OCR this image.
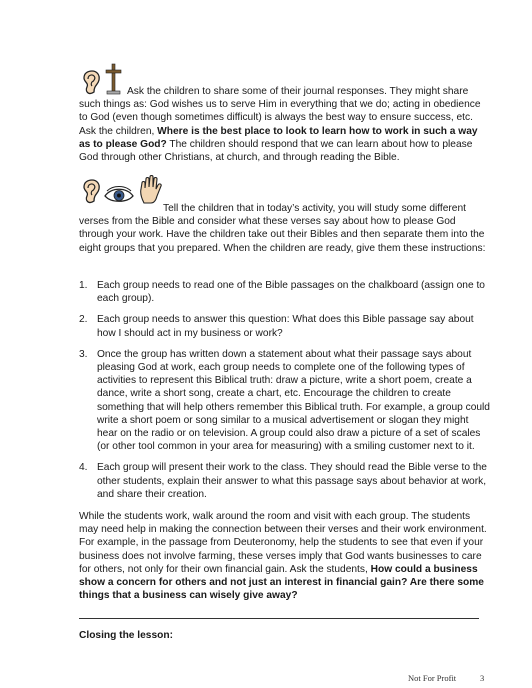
Ask the children to share some of their journal responses. They might share such things as: God wishes us to serve Him in everything that we do; acting in obedience to God (even though sometimes difficult) is always the best way to ensure success, etc. Ask the children, Where is the best place to look to learn how to work in such a way as to please God? The children should respond that we can learn about how to please God through other Christians, at church, and through reading the Bible.

Tell the children that in today’s activity, you will study some different verses from the Bible and consider what these verses say about how to please God through your work. Have the children take out their Bibles and then separate them into the eight groups that you prepared. When the children are ready, give them these instructions:

1. Each group needs to read one of the Bible passages on the chalkboard (assign one to each group).
2. Each group needs to answer this question: What does this Bible passage say about how I should act in my business or work?
3. Once the group has written down a statement about what their passage says about pleasing God at work, each group needs to complete one of the following types of activities to represent this Biblical truth: draw a picture, write a short poem, create a dance, write a short song, create a chart, etc. Encourage the children to create something that will help others remember this Biblical truth. For example, a group could write a short poem or song similar to a musical advertisement or slogan they might hear on the radio or on television. A group could also draw a picture of a set of scales (or other tool common in your area for measuring) with a smiling customer next to it.
4. Each group will present their work to the class. They should read the Bible verse to the other students, explain their answer to what this passage says about behavior at work, and share their creation.

While the students work, walk around the room and visit with each group. The students may need help in making the connection between their verses and their work environment. For example, in the passage from Deuteronomy, help the students to see that even if your business does not involve farming, these verses imply that God wants businesses to care for others, not only for their own financial gain. Ask the students, How could a business show a concern for others and not just an interest in financial gain? Are there some things that a business can wisely give away?

Closing the lesson:
Not For Profit	3
